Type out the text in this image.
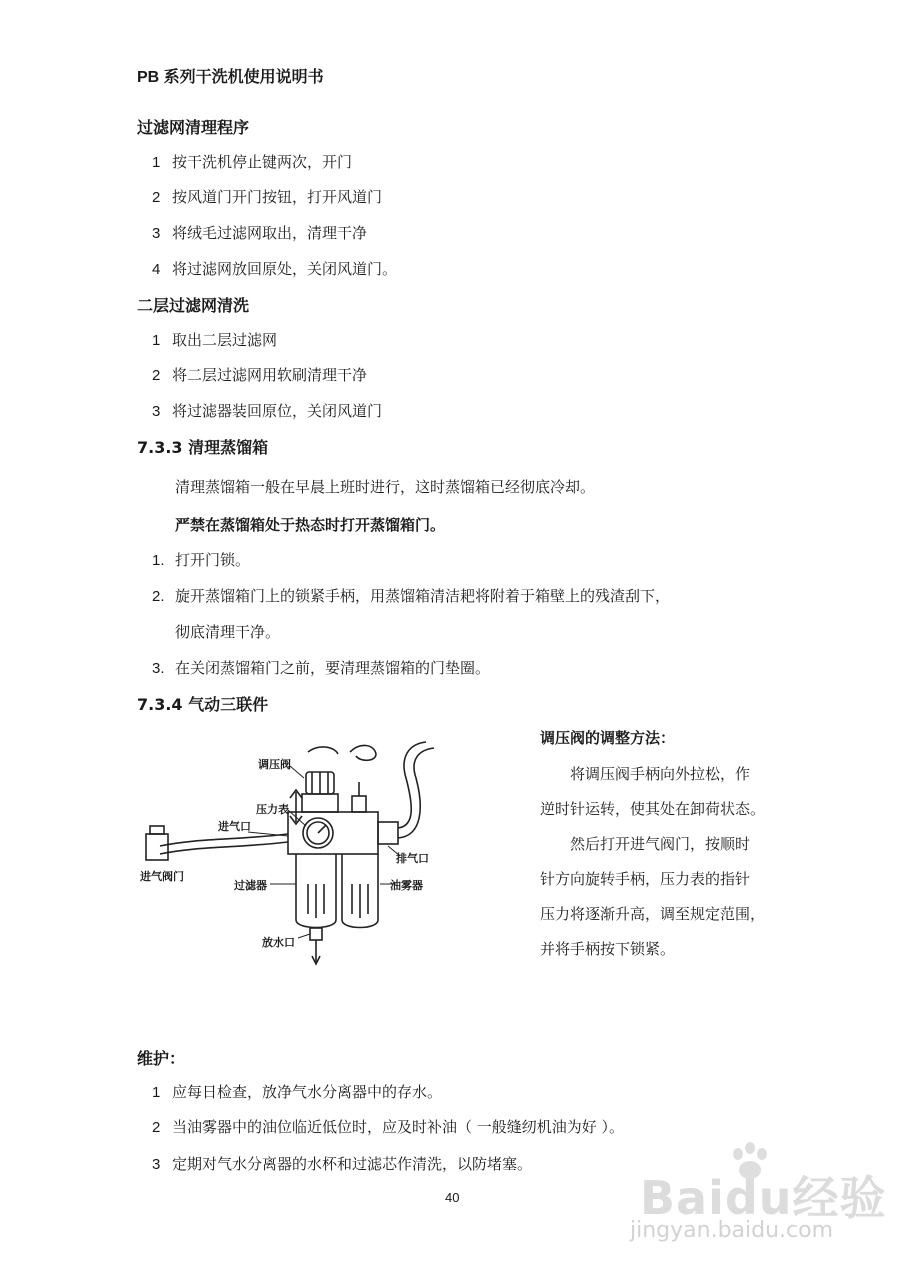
PB 系列干洗机使用说明书
过滤网清理程序
1 按干洗机停止键两次，开门
2 按风道门开门按钮，打开风道门
3 将绒毛过滤网取出，清理干净
4 将过滤网放回原处，关闭风道门。
二层过滤网清洗
1 取出二层过滤网
2 将二层过滤网用软刷清理干净
3 将过滤器装回原位，关闭风道门
7.3.3 清理蒸馏箱
清理蒸馏箱一般在早晨上班时进行，这时蒸馏箱已经彻底冷却。
严禁在蒸馏箱处于热态时打开蒸馏箱门。
1. 打开门锁。
2. 旋开蒸馏箱门上的锁紧手柄，用蒸馏箱清洁耙将附着于箱壁上的残渣刮下，
彻底清理干净。
3. 在关闭蒸馏箱门之前，要清理蒸馏箱的门垫圈。
7.3.4 气动三联件
调压阀
压力表
进气口
进气阀门
过滤器
放水口
排气口
油雾器
调压阀的调整方法：
将调压阀手柄向外拉松，作
逆时针运转，使其处在卸荷状态。
然后打开进气阀门，按顺时
针方向旋转手柄，压力表的指针
压力将逐渐升高，调至规定范围，
并将手柄按下锁紧。
维护：
1 应每日检查，放净气水分离器中的存水。
2 当油雾器中的油位临近低位时，应及时补油（ 一般缝纫机油为好 ）。
3 定期对气水分离器的水杯和过滤芯作清洗，以防堵塞。
40	Baidu经验
jingyan.baidu.com
